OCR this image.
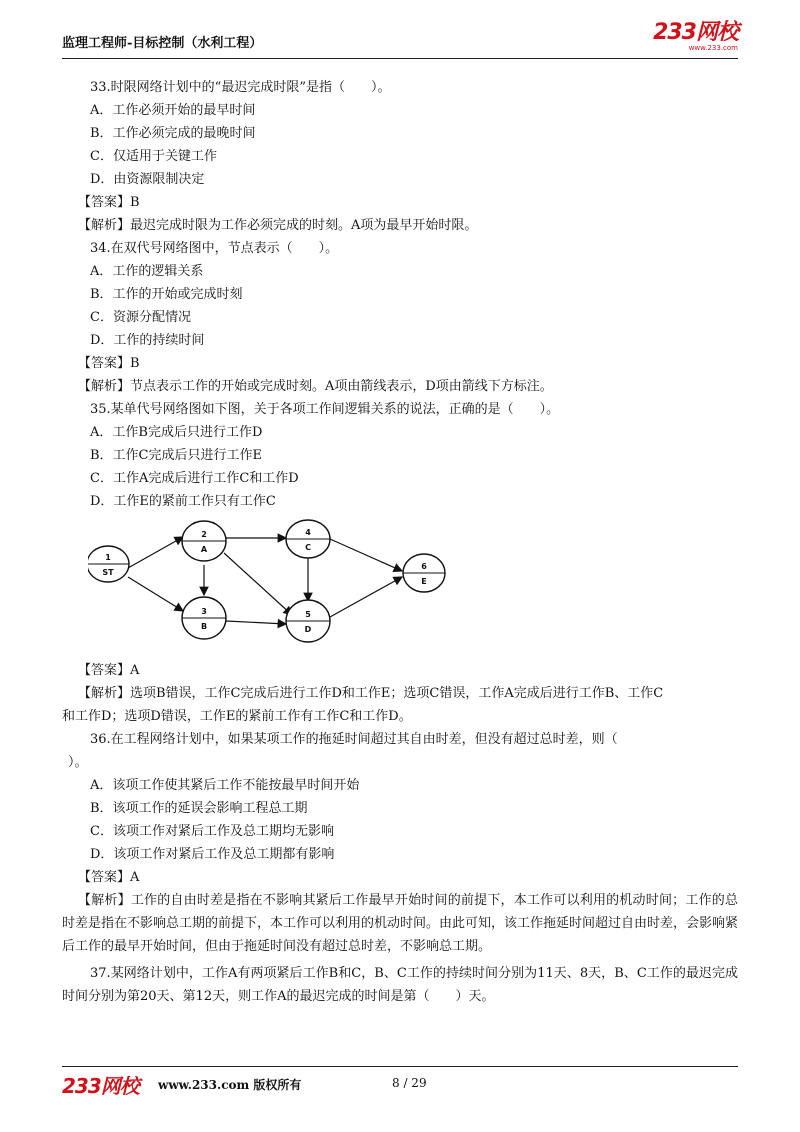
监理工程师-目标控制（水利工程）	233网校
www.233.com
33.时限网络计划中的“最迟完成时限”是指（　　）。
A．工作必须开始的最早时间
B．工作必须完成的最晚时间
C．仅适用于关键工作
D．由资源限制决定
【答案】B
【解析】最迟完成时限为工作必须完成的时刻。A项为最早开始时限。
34.在双代号网络图中，节点表示（　　）。
A．工作的逻辑关系
B．工作的开始或完成时刻
C．资源分配情况
D．工作的持续时间
【答案】B
【解析】节点表示工作的开始或完成时刻。A项由箭线表示，D项由箭线下方标注。
35.某单代号网络图如下图，关于各项工作间逻辑关系的说法，正确的是（　　）。
A．工作B完成后只进行工作D
B．工作C完成后只进行工作E
C．工作A完成后进行工作C和工作D
D．工作E的紧前工作只有工作C
1
ST
2
A
3
B
4
C
5
D
6
E
【答案】A
【解析】选项B错误，工作C完成后进行工作D和工作E；选项C错误，工作A完成后进行工作B、工作C
和工作D；选项D错误，工作E的紧前工作有工作C和工作D。
36.在工程网络计划中，如果某项工作的拖延时间超过其自由时差，但没有超过总时差，则（
）。
A．该项工作使其紧后工作不能按最早时间开始
B．该项工作的延误会影响工程总工期
C．该项工作对紧后工作及总工期均无影响
D．该项工作对紧后工作及总工期都有影响
【答案】A
【解析】工作的自由时差是指在不影响其紧后工作最早开始时间的前提下，本工作可以利用的机动时间；工作的总时差是指在不影响总工期的前提下，本工作可以利用的机动时间。由此可知，该工作拖延时间超过自由时差，会影响紧后工作的最早开始时间，但由于拖延时间没有超过总时差，不影响总工期。
37.某网络计划中，工作A有两项紧后工作B和C，B、C工作的持续时间分别为11天、8天，B、C工作的最迟完成时间分别为第20天、第12天，则工作A的最迟完成的时间是第（　　）天。
233网校 www.233.com 版权所有	8 / 29
